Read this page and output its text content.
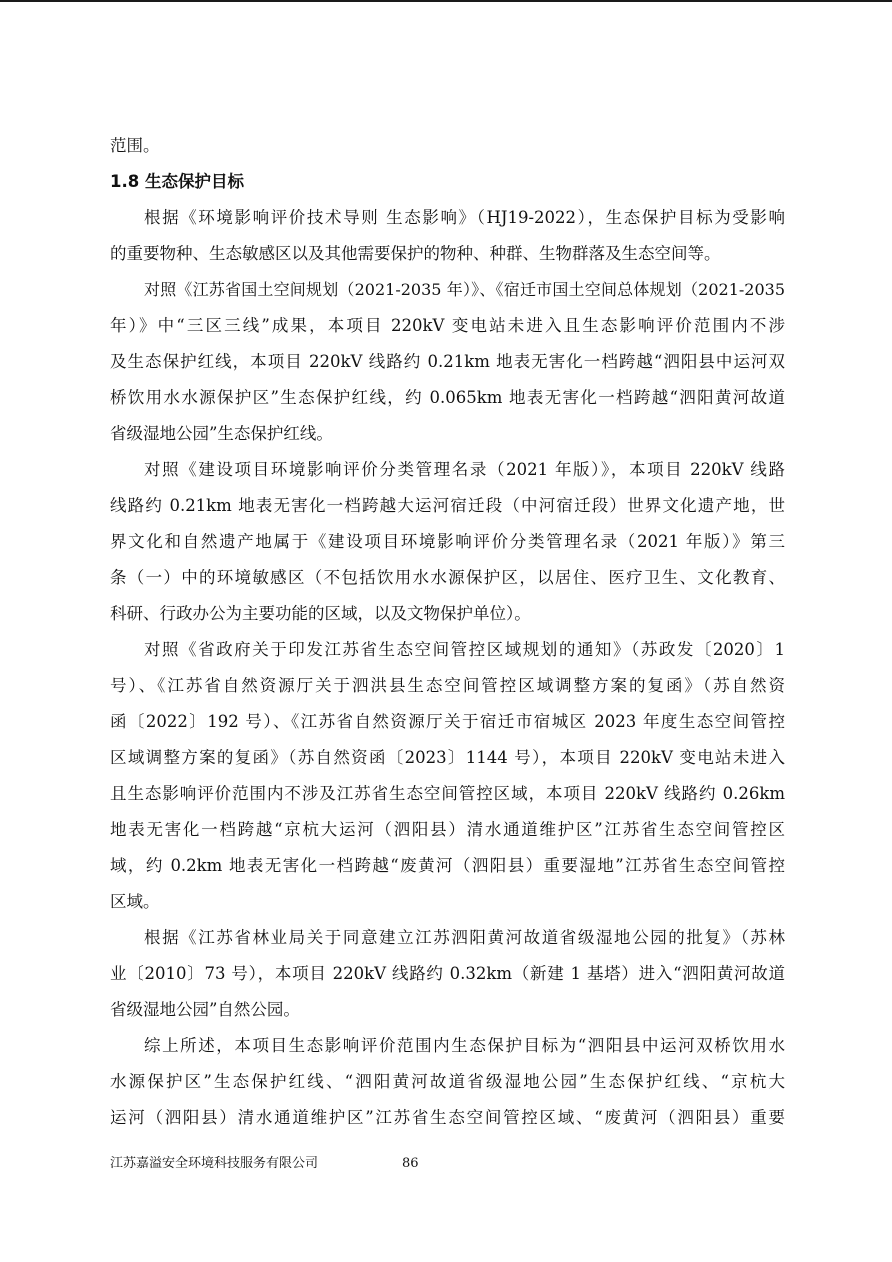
范围。
1.8 生态保护目标
根据《环境影响评价技术导则 生态影响》（HJ19-2022），生态保护目标为受影响
的重要物种、生态敏感区以及其他需要保护的物种、种群、生物群落及生态空间等。
对照《江苏省国土空间规划（2021-2035 年）》、《宿迁市国土空间总体规划（2021-2035
年）》中“三区三线”成果，本项目 220kV 变电站未进入且生态影响评价范围内不涉
及生态保护红线，本项目 220kV 线路约 0.21km 地表无害化一档跨越“泗阳县中运河双
桥饮用水水源保护区”生态保护红线，约 0.065km 地表无害化一档跨越“泗阳黄河故道
省级湿地公园”生态保护红线。
对照《建设项目环境影响评价分类管理名录（2021 年版）》，本项目 220kV 线路
线路约 0.21km 地表无害化一档跨越大运河宿迁段（中河宿迁段）世界文化遗产地，世
界文化和自然遗产地属于《建设项目环境影响评价分类管理名录（2021 年版）》第三
条（一）中的环境敏感区（不包括饮用水水源保护区，以居住、医疗卫生、文化教育、
科研、行政办公为主要功能的区域，以及文物保护单位）。
对照《省政府关于印发江苏省生态空间管控区域规划的通知》（苏政发〔2020〕1
号）、《江苏省自然资源厅关于泗洪县生态空间管控区域调整方案的复函》（苏自然资
函〔2022〕192 号）、《江苏省自然资源厅关于宿迁市宿城区 2023 年度生态空间管控
区域调整方案的复函》（苏自然资函〔2023〕1144 号），本项目 220kV 变电站未进入
且生态影响评价范围内不涉及江苏省生态空间管控区域，本项目 220kV 线路约 0.26km
地表无害化一档跨越“京杭大运河（泗阳县）清水通道维护区”江苏省生态空间管控区
域，约 0.2km 地表无害化一档跨越“废黄河（泗阳县）重要湿地”江苏省生态空间管控
区域。
根据《江苏省林业局关于同意建立江苏泗阳黄河故道省级湿地公园的批复》（苏林
业〔2010〕73 号），本项目 220kV 线路约 0.32km（新建 1 基塔）进入“泗阳黄河故道
省级湿地公园”自然公园。
综上所述，本项目生态影响评价范围内生态保护目标为“泗阳县中运河双桥饮用水
水源保护区”生态保护红线、“泗阳黄河故道省级湿地公园”生态保护红线、“京杭大
运河（泗阳县）清水通道维护区”江苏省生态空间管控区域、“废黄河（泗阳县）重要
江苏嘉溢安全环境科技服务有限公司	86
